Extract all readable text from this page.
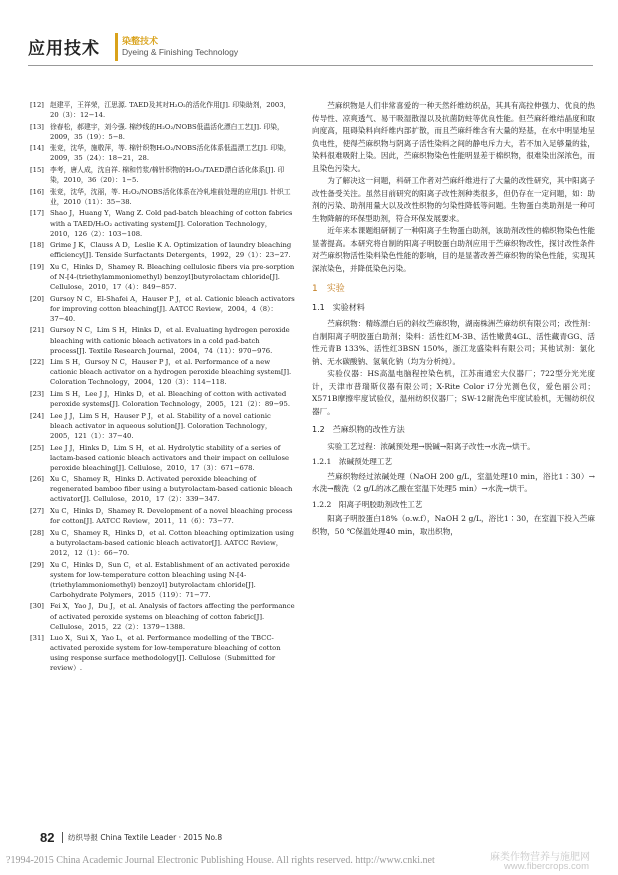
应用技术 染整技术
Dyeing & Finishing Technology
[12] 赵建平，王祥荣，江思源. TAED及其对H₂O₂的活化作用[J]. 印染助剂，2003，20（3）：12−14.
[13] 徐春松，郝建宇，刘今强. 棉纱线的H₂O₂/NOBS低温活化漂白工艺[J]. 印染，2009，35（19）：5−8.
[14] 张竞，沈华，施敬萍，等. 棉针织物H₂O₂/NOBS活化体系低温漂工艺[J]. 印染，2009，35（24）：18−21，28.
[15] 李考，唐人成，沈自祥. 棉和竹浆/棉针织物的H₂O₂/TAED漂白活化体系[J]. 印染，2010，36（20）：1−5.
[16] 张竞，沈华，沈丽，等. H₂O₂/NOBS活化体系在冷轧堆前处理的应用[J]. 针织工业，2010（11）：35−38.
[17] Shao J，Huang Y，Wang Z. Cold pad-batch bleaching of cotton fabrics with a TAED/H₂O₂ activating system[J]. Coloration Technology，2010，126（2）：103−108.
[18] Grime J K，Clauss A D，Leslie K A. Optimization of laundry bleaching efficiency[J]. Tenside Surfactants Detergents，1992，29（1）：23−27.
[19] Xu C，Hinks D，Shamey R. Bleaching cellulosic fibers via pre-sorption of N-[4-(triethylammoniomethyl) benzoyl]butyrolactam chloride[J]. Cellulose，2010，17（4）：849−857.
[20] Gursoy N C，El-Shafei A，Hauser P J，et al. Cationic bleach activators for improving cotton bleaching[J]. AATCC Review，2004，4（8）：37−40.
[21] Gursoy N C，Lim S H，Hinks D，et al. Evaluating hydrogen peroxide bleaching with cationic bleach activators in a cold pad-batch process[J]. Textile Research Journal，2004，74（11）：970−976.
[22] Lim S H，Gursoy N C，Hauser P J，et al. Performance of a new cationic bleach activator on a hydrogen peroxide bleaching system[J]. Coloration Technology，2004，120（3）：114−118.
[23] Lim S H，Lee J J，Hinks D，et al. Bleaching of cotton with activated peroxide systems[J]. Coloration Technology，2005，121（2）：89−95.
[24] Lee J J，Lim S H，Hauser P J，et al. Stability of a novel cationic bleach activator in aqueous solution[J]. Coloration Technology，2005，121（1）：37−40.
[25] Lee J J，Hinks D，Lim S H，et al. Hydrolytic stability of a series of lactam-based cationic bleach activators and their impact on cellulose peroxide bleaching[J]. Cellulose，2010，17（3）：671−678.
[26] Xu C，Shamey R，Hinks D. Activated peroxide bleaching of regenerated bamboo fiber using a butyrolactam-based cationic bleach activator[J]. Cellulose，2010，17（2）：339−347.
[27] Xu C，Hinks D，Shamey R. Development of a novel bleaching process for cotton[J]. AATCC Review，2011，11（6）：73−77.
[28] Xu C，Shamey R，Hinks D，et al. Cotton bleaching optimization using a butyrolactam-based cationic bleach activator[J]. AATCC Review，2012，12（1）：66−70.
[29] Xu C，Hinks D，Sun C，et al. Establishment of an activated peroxide system for low-temperature cotton bleaching using N-[4-(triethylammoniomethyl) benzoyl] butyrolactam chloride[J]. Carbohydrate Polymers，2015（119）：71−77.
[30] Fei X，Yao J，Du J，et al. Analysis of factors affecting the performance of activated peroxide systems on bleaching of cotton fabric[J]. Cellulose，2015，22（2）：1379−1388.
[31] Luo X，Sui X，Yao L，et al. Performance modelling of the TBCC-activated peroxide system for low-temperature bleaching of cotton using response surface methodology[J]. Cellulose（Submitted for review）.

苎麻织物是人们非常喜爱的一种天然纤维纺织品，其具有高拉伸强力、优良的热传导性、凉爽透气、易干吸湿散湿以及抗菌防蛀等优良性能。但苎麻纤维结晶度和取向度高，阻碍染料向纤维内部扩散，而且苎麻纤维含有大量的羟基，在水中明显地呈负电性，使得苎麻织物与阴离子活性染料之间的静电斥力大，若不加入足够量的盐，染料很难吸附上染。因此，苎麻织物染色性能明显差于棉织物，很难染出深浓色，而且染色污染大。

为了解决这一问题，科研工作者对苎麻纤维进行了大量的改性研究，其中阳离子改性备受关注。虽然目前研究的阳离子改性剂种类很多，但仍存在一定问题，如：助剂的污染、助剂用量大以及改性织物的匀染性降低等问题。生物蛋白类助剂是一种可生物降解的环保型助剂，符合环保发展要求。

近年来本课题组研制了一种阳离子生物蛋白助剂，该助剂改性的棉织物染色性能显著提高。本研究将自制的阳离子明胶蛋白助剂应用于苎麻织物改性，探讨改性条件对苎麻织物活性染料染色性能的影响，目的是显著改善苎麻织物的染色性能，实现其深浓染色，并降低染色污染。

1　实验
1.1　实验材料

苎麻织物：精练漂白后的斜纹苎麻织物，湖南株洲苎麻纺织有限公司；改性剂：自制阳离子明胶蛋白助剂；染料：活性红M-3B、活性嫩黄4GL、活性藏青GG、活性元青B 133%、活性红3BSN 150%，浙江龙盛染料有限公司；其他试剂：氯化钠、无水碳酸钠、氢氧化钠（均为分析纯）。

实验仪器：HS高温电脑程控染色机，江苏南通宏大仪器厂；722型分光光度计，天津市普瑞斯仪器有限公司；X-Rite Color i7分光测色仪，爱色丽公司；X571B摩擦牢度试验仪，温州纺织仪器厂；SW-12耐洗色牢度试验机，无锡纺织仪器厂。

1.2　苎麻织物的改性方法

实验工艺过程：浓碱预处理→脱碱→阳离子改性→水洗→烘干。

1.2.1　浓碱预处理工艺

苎麻织物经过浓碱处理（NaOH 200 g/L，室温处理10 min，浴比1∶30）→水洗→酸洗（2 g/L的冰乙酸在室温下处理5 min）→水洗→烘干。

1.2.2　阳离子明胶助剂改性工艺

阳离子明胶蛋白18%（o.w.f），NaOH 2 g/L，浴比1∶30，在室温下投入苎麻织物，50 ℃保温处理40 min，取出织物，

82 纺织导报 China Textile Leader · 2015 No.8
?1994-2015 China Academic Journal Electronic Publishing House. All rights reserved. http://www.cnki.net	麻类作物营养与施肥网
www.fibercrops.com
